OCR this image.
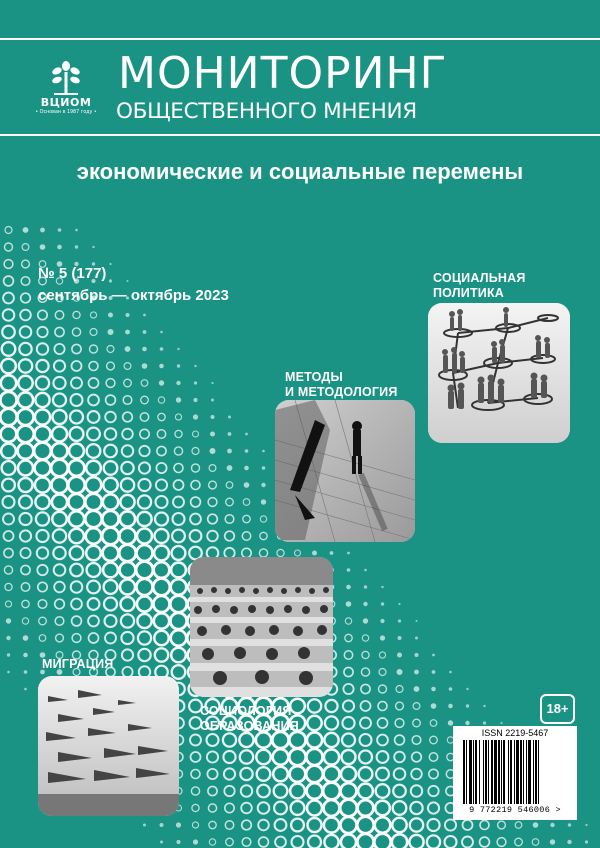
ВЦИОМ
• Основан в 1987 году •
МОНИТОРИНГ
ОБЩЕСТВЕННОГО МНЕНИЯ
экономические и социальные перемены
№ 5 (177)
сентябрь — октябрь 2023
СОЦИАЛЬНАЯ
ПОЛИТИКА
МЕТОДЫ
И МЕТОДОЛОГИЯ
МИГРАЦИЯ
СОЦИОЛОГИЯ
ОБРАЗОВАНИЯ
18+
ISSN 2219-5467
9 772219 546006 >
